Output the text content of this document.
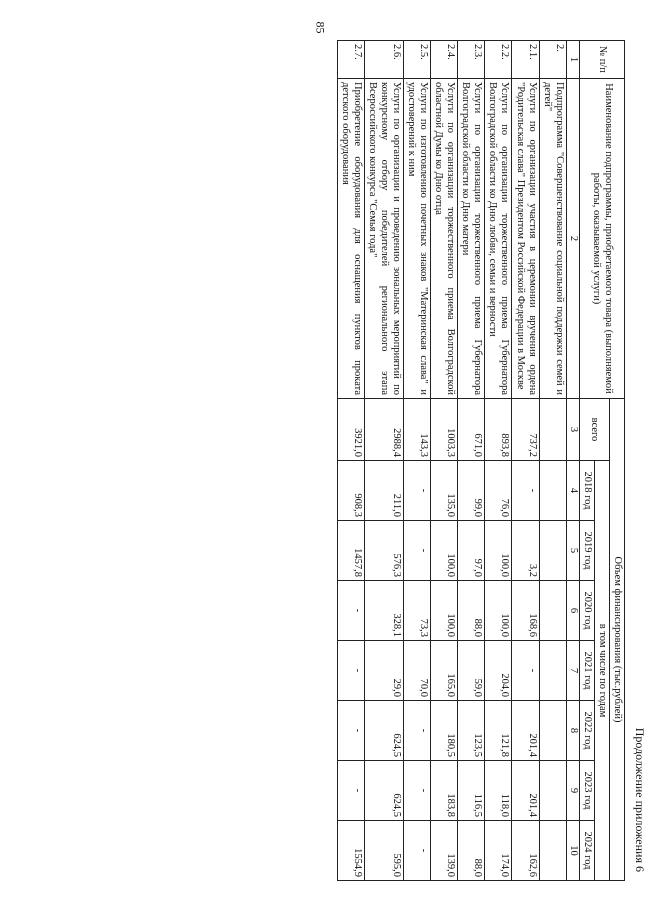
85
Продолжение приложения 6
№ п/п	Наименование подпрограммы, приобретаемого товара (выполняемой работы, оказываемой услуги)	Объем финансирования (тыс.рублей)							
		всего	в том числе по годам						

			2018 год	2019 год	2020 год	2021 год	2022 год	2023 год	2024 год
1	2	3	4	5	6	7	8	9	10
2.	Подпрограмма "Совершенствование социальной поддержки семей и детей"								
2.1.	Услуги по организации участия в церемонии вручения ордена "Родительская слава" Президентом Российской Федерации в Москве	737,2	-	3,2	168,6	-	201,4	201,4	162,6
2.2.	Услуги по организации торжественного приема Губернатора Волгоградской области ко Дню любви, семьи и верности	893,8	76,0	100,0	100,0	204,0	121,8	118,0	174,0
2.3.	Услуги по организации торжественного приема Губернатора Волгоградской области ко Дню матери	671,0	99,0	97,0	88,0	59,0	123,5	116,5	88,0
2.4.	Услуги по организации торжественного приема Волгоградской областной Думы ко Дню отца	1003,3	135,0	100,0	100,0	165,0	180,5	183,8	139,0
2.5.	Услуги по изготовлению почетных знаков "Материнская слава" и удостоверений к ним	143,3	-	-	73,3	70,0	-	-	-
2.6.	Услуги по организации и проведению зональных мероприятий по конкурсному отбору победителей регионального этапа Всероссийского конкурса "Семья года"	2988,4	211,0	576,3	328,1	29,0	624,5	624,5	595,0
2.7.	Приобретение оборудования для оснащения пунктов проката детского оборудования	3921,0	908,3	1457,8	-	-	-	-	1554,9
